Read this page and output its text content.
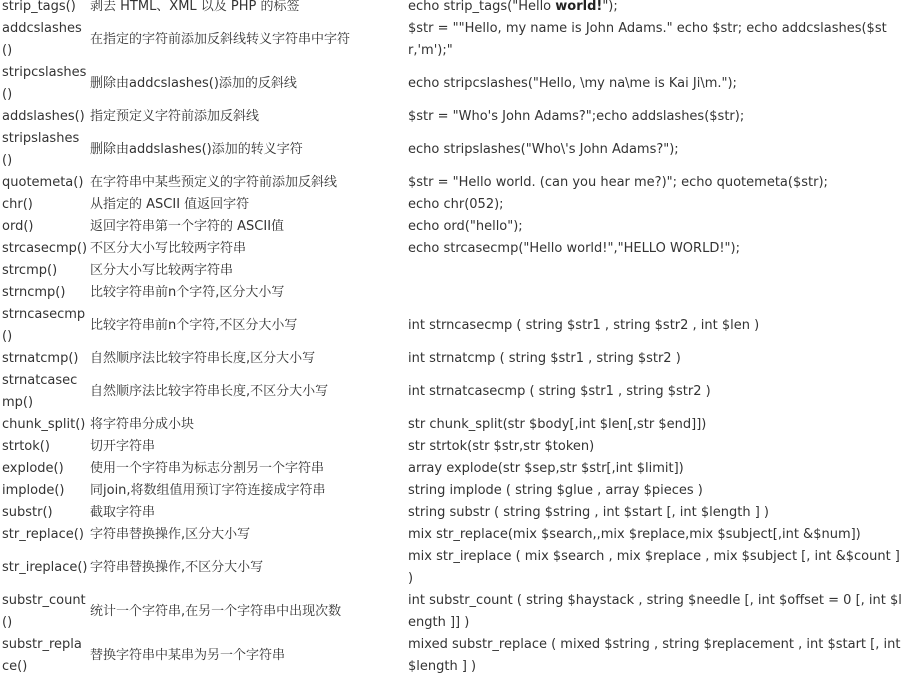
strip_tags()	剥去 HTML、XML 以及 PHP 的标签	echo strip_tags("Hello world!");
addcslashes()	在指定的字符前添加反斜线转义字符串中字符	$str = ""Hello, my name is John Adams." echo $str; echo addcslashes($str,'m');"
stripcslashes()	删除由addcslashes()添加的反斜线	echo stripcslashes("Hello, \my na\me is Kai Ji\m.");
addslashes()	指定预定义字符前添加反斜线	$str = "Who's John Adams?";echo addslashes($str);
stripslashes()	删除由addslashes()添加的转义字符	echo stripslashes("Who\'s John Adams?");
quotemeta()	在字符串中某些预定义的字符前添加反斜线	$str = "Hello world. (can you hear me?)"; echo quotemeta($str);
chr()	从指定的 ASCII 值返回字符	echo chr(052);
ord()	返回字符串第一个字符的 ASCII值	echo ord("hello");
strcasecmp()	不区分大小写比较两字符串	echo strcasecmp("Hello world!","HELLO WORLD!");
strcmp()	区分大小写比较两字符串	
strncmp()	比较字符串前n个字符,区分大小写	
strncasecmp()	比较字符串前n个字符,不区分大小写	int strncasecmp ( string $str1 , string $str2 , int $len )
strnatcmp()	自然顺序法比较字符串长度,区分大小写	int strnatcmp ( string $str1 , string $str2 )
strnatcasecmp()	自然顺序法比较字符串长度,不区分大小写	int strnatcasecmp ( string $str1 , string $str2 )
chunk_split()	将字符串分成小块	str chunk_split(str $body[,int $len[,str $end]])
strtok()	切开字符串	str strtok(str $str,str $token)
explode()	使用一个字符串为标志分割另一个字符串	array explode(str $sep,str $str[,int $limit])
implode()	同join,将数组值用预订字符连接成字符串	string implode ( string $glue , array $pieces )
substr()	截取字符串	string substr ( string $string , int $start [, int $length ] )
str_replace()	字符串替换操作,区分大小写	mix str_replace(mix $search,,mix $replace,mix $subject[,int &$num])
str_ireplace()	字符串替换操作,不区分大小写	mix str_ireplace ( mix $search , mix $replace , mix $subject [, int &$count ] )
substr_count()	统计一个字符串,在另一个字符串中出现次数	int substr_count ( string $haystack , string $needle [, int $offset = 0 [, int $length ]] )
substr_replace()	替换字符串中某串为另一个字符串	mixed substr_replace ( mixed $string , string $replacement , int $start [, int $length ] )
